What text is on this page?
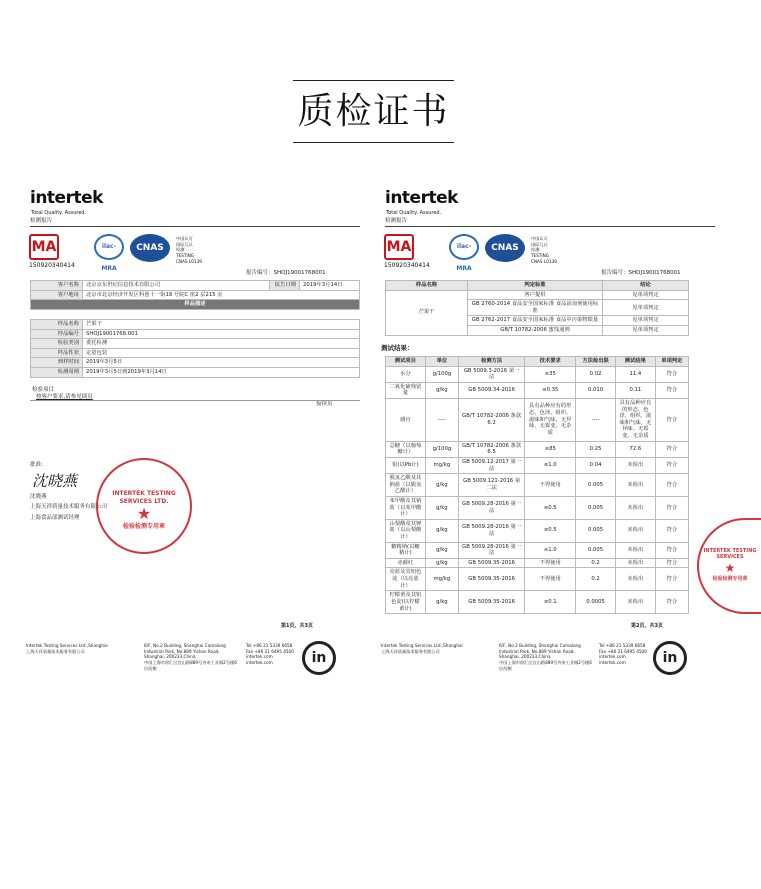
质检证书
intertek
Total Quality. Assured.
检测报告
MA
150920340414
ilac-MRA
CNAS
中国认可
国际互认
检测
TESTING
CNAS L0139
报告编号：SHOJ19001768001
客户名称	北京京东世纪信息技术有限公司	报告日期	2019年3月14日
客户地址	北京市北京经济开发区科创十一街18 号院C 座2 层215 室		
样品描述			
样品名称	芒果干
样品编号	SHOJ19001768.001
检验类别	委托检测
样品性状	定量包装
到样时间	2019年3月5日
检测周期	2019年3月5日到2019年3月14日
检验项目
按客户要求,请参见续页
接续页
批准：
沈晓燕
沈晓燕
上海天祥质量技术服务有限公司
上海食品部测试经理
INTERTEK TESTING SERVICES LTD.
★
检验检测专用章
第1页，共3页
Intertek Testing Services Ltd.,Shanghai
上海天祥质量技术服务有限公司
6/F, No.2 Building, Shanghai Comalong
Industrial Park, No.889 Yishan Road,
Shanghai, 200233,China
中国上海市徐汇区宜山路889号齐来工业城2号楼6
层西侧
Tel +86 21 5339 6658
Fax +86 21 6495 4500
intertek.com
intertek.com	in
intertek
Total Quality. Assured.
检测报告
MA
150920340414
ilac-MRA
CNAS
中国认可
国际互认
检测
TESTING
CNAS L0139
报告编号：SHOJ19001768001
样品名称	判定标准	结论
芒果干	客户提供	见单项判定
	GB 2760-2014 食品安全国家标准 食品添加剂使用标准	见单项判定
	GB 2762-2017 食品安全国家标准 食品中污染物限量	见单项判定
	GB/T 10782-2006 蜜饯通则	见单项判定
测试结果：
测试项目	单位	检测方法	技术要求	方法检出限	测试结果	单项判定
水分	g/100g	GB 5009.3-2016 第一法	≤35	0.02	11.4	符合
二氧化硫残留量	g/kg	GB 5009.34-2016	≤0.35	0.010	0.11	符合
感官	----	GB/T 10782-2006 条款 6.2	具有品种应有的形态、色泽、组织、滋味和气味，无异味、无霉变，无杂质	----	具有品种应有的形态、色泽、组织、滋味和气味，无异味、无霉变，无杂质	符合
总糖（以葡萄糖计）	g/100g	GB/T 10782-2006 条款 6.5	≤85	0.25	72.6	符合
铅(以Pb计)	mg/kg	GB 5009.12-2017 第一法	≤1.0	0.04	未检出	符合
脱氢乙酸及其钠盐（以脱氢乙酸计）	g/kg	GB 5009.121-2016 第二法	不得使用	0.005	未检出	符合
苯甲酸及其钠盐（以苯甲酸计）	g/kg	GB 5009.28-2016 第一法	≤0.5	0.005	未检出	符合
山梨酸及其钾盐（以山梨酸计）	g/kg	GB 5009.28-2016 第一法	≤0.5	0.005	未检出	符合
糖精钠(以糖精计)	g/kg	GB 5009.28-2016 第一法	≤1.0	0.005	未检出	符合
赤藓红	g/kg	GB 5009.35-2016	不得使用	0.2	未检出	符合
亮蓝及其铝色淀（以亮蓝计）	mg/kg	GB 5009.35-2016	不得使用	0.2	未检出	符合
柠檬黄及其铝色淀(以柠檬黄计)	g/kg	GB 5009.35-2016	≤0.1	0.0005	未检出	符合
INTERTEK TESTING SERVICES
★
检验检测专用章
第2页，共3页
Intertek Testing Services Ltd.,Shanghai
上海天祥质量技术服务有限公司
6/F, No.2 Building, Shanghai Comalong
Industrial Park, No.889 Yishan Road,
Shanghai, 200233,China
中国上海市徐汇区宜山路889号齐来工业城2号楼6
层西侧
Tel +86 21 5339 6658
Fax +86 21 6495 4500
intertek.com
intertek.com	in
